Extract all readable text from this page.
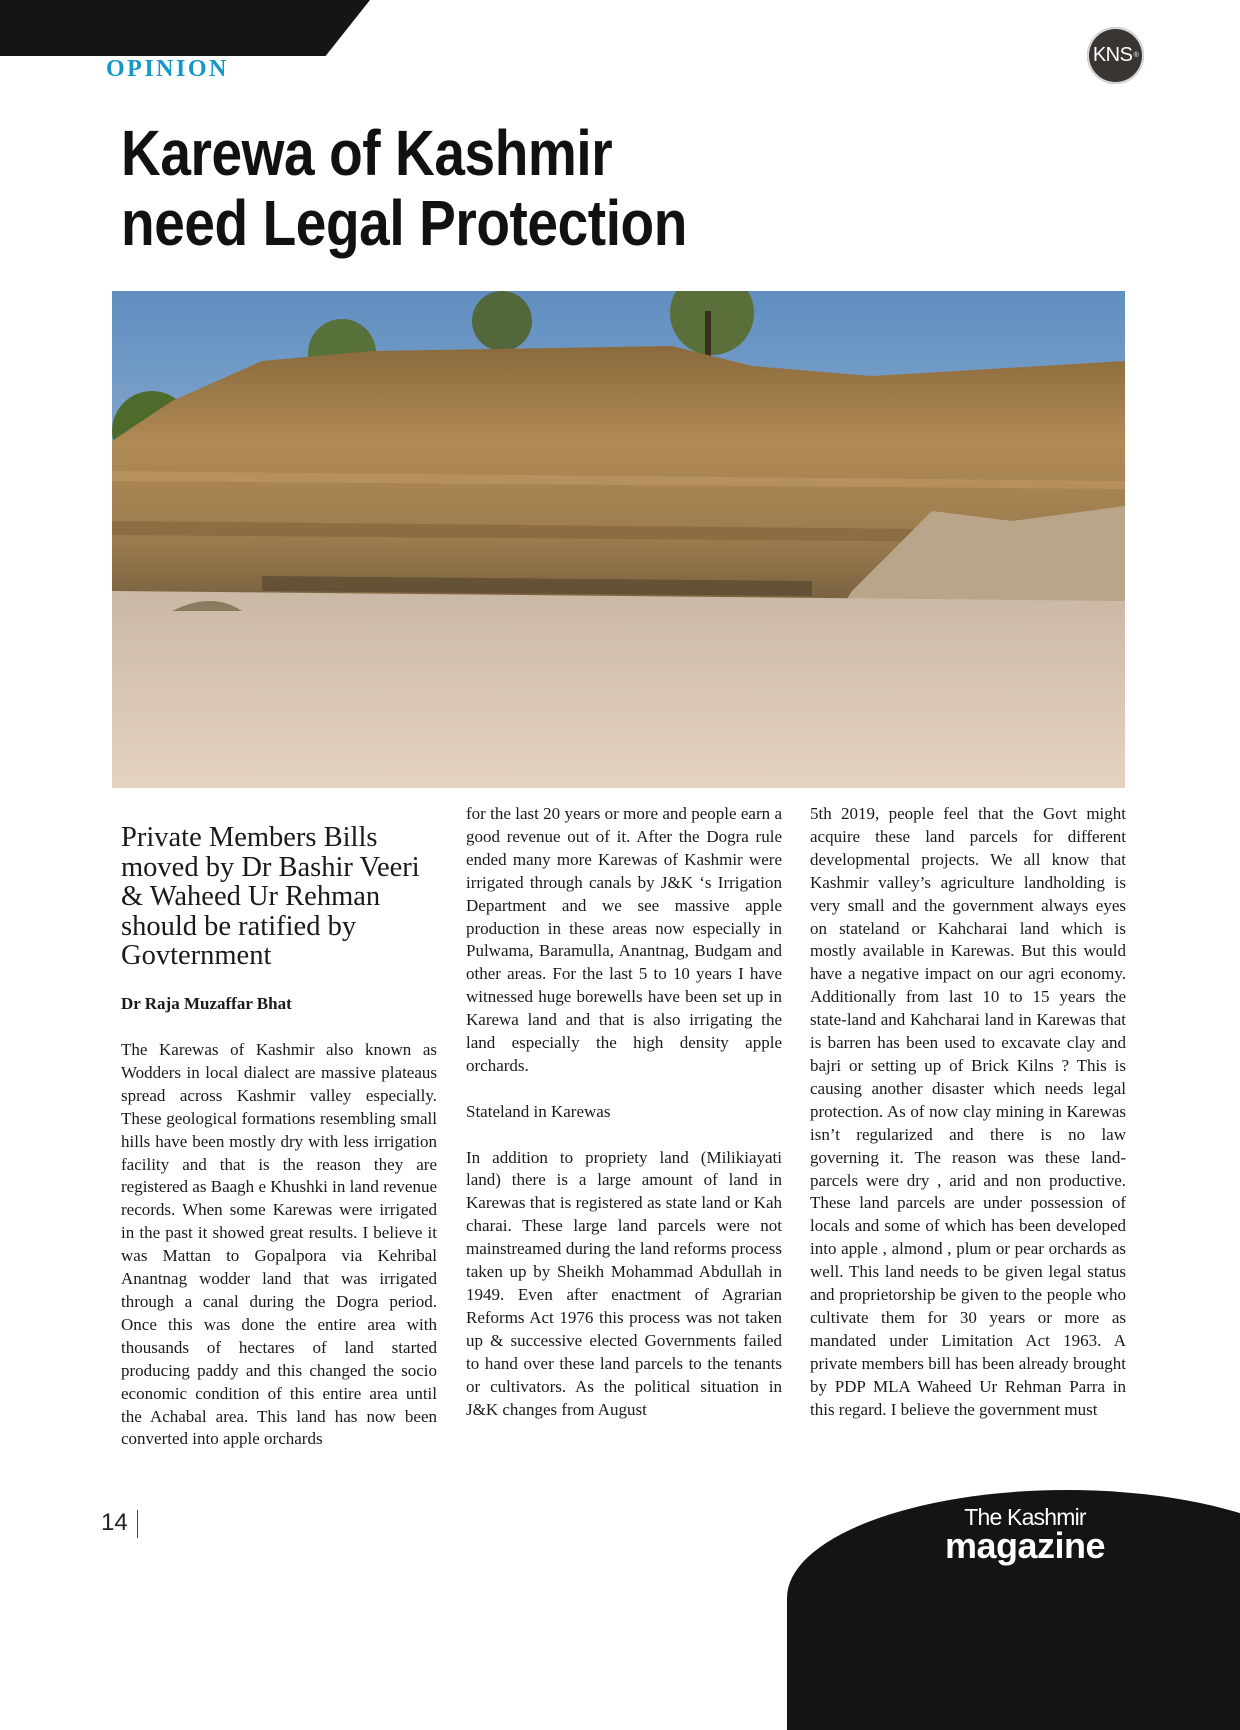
OPINION
KNS ®
Karewa of Kashmir
need Legal Protection
Private Members Bills moved by Dr Bashir Veeri & Waheed Ur Rehman should be ratified by Govternment
Dr Raja Muzaffar Bhat

The Karewas of Kashmir also known as Wodders in local dialect are massive plateaus spread across Kashmir valley especially. These geological formations resembling small hills have been mostly dry with less irrigation facility and that is the reason they are registered as Baagh e Khushki in land revenue records. When some Karewas were irrigated in the past it showed great results. I believe it was Mattan to Gopalpora via Kehribal Anantnag wodder land that was irrigated through a canal during the Dogra period. Once this was done the entire area with thousands of hectares of land started producing paddy and this changed the socio economic condition of this entire area until the Achabal area. This land has now been converted into apple orchards

for the last 20 years or more and people earn a good revenue out of it. After the Dogra rule ended many more Karewas of Kashmir were irrigated through canals by J&K ‘s Irrigation Department and we see massive apple production in these areas now especially in Pulwama, Baramulla, Anantnag, Budgam and other areas. For the last 5 to 10 years I have witnessed huge borewells have been set up in Karewa land and that is also irrigating the land especially the high density apple orchards.

Stateland in Karewas

In addition to propriety land (Milikiayati land) there is a large amount of land in Karewas that is registered as state land or Kah charai. These large land parcels were not mainstreamed during the land reforms process taken up by Sheikh Mohammad Abdullah in 1949. Even after enactment of Agrarian Reforms Act 1976 this process was not taken up & successive elected Governments failed to hand over these land parcels to the tenants or cultivators. As the political situation in J&K changes from August

5th 2019, people feel that the Govt might acquire these land parcels for different developmental projects. We all know that Kashmir valley’s agriculture landholding is very small and the government always eyes on stateland or Kahcharai land which is mostly available in Karewas. But this would have a negative impact on our agri economy. Additionally from last 10 to 15 years the state-land and Kahcharai land in Karewas that is barren has been used to excavate clay and bajri or setting up of Brick Kilns ? This is causing another disaster which needs legal protection. As of now clay mining in Karewas isn’t regularized and there is no law governing it. The reason was these land-parcels were dry , arid and non productive. These land parcels are under possession of locals and some of which has been developed into apple , almond , plum or pear orchards as well. This land needs to be given legal status and proprietorship be given to the people who cultivate them for 30 years or more as mandated under Limitation Act 1963. A private members bill has been already brought by PDP MLA Waheed Ur Rehman Parra in this regard. I believe the government must

14	The Kashmir
magazine
